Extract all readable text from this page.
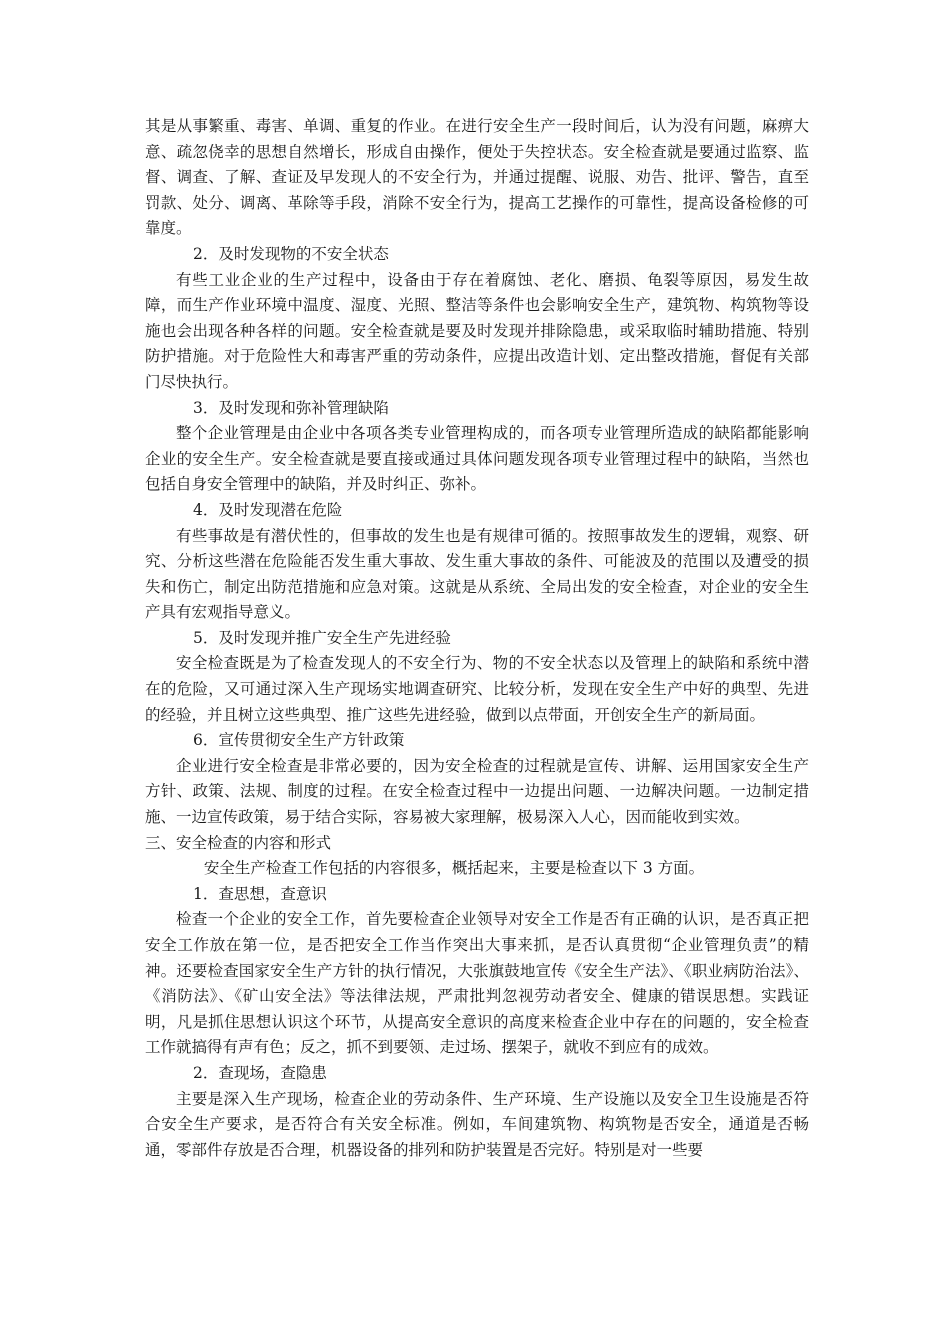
其是从事繁重、毒害、单调、重复的作业。在进行安全生产一段时间后，认为没有问题，麻痹大意、疏忽侥幸的思想自然增长，形成自由操作，便处于失控状态。安全检查就是要通过监察、监督、调查、了解、查证及早发现人的不安全行为，并通过提醒、说服、劝告、批评、警告，直至罚款、处分、调离、革除等手段，消除不安全行为，提高工艺操作的可靠性，提高设备检修的可靠度。

2．及时发现物的不安全状态

有些工业企业的生产过程中，设备由于存在着腐蚀、老化、磨损、龟裂等原因，易发生故障，而生产作业环境中温度、湿度、光照、整洁等条件也会影响安全生产，建筑物、构筑物等设施也会出现各种各样的问题。安全检查就是要及时发现并排除隐患，或采取临时辅助措施、特别防护措施。对于危险性大和毒害严重的劳动条件，应提出改造计划、定出整改措施，督促有关部门尽快执行。

3．及时发现和弥补管理缺陷

整个企业管理是由企业中各项各类专业管理构成的，而各项专业管理所造成的缺陷都能影响企业的安全生产。安全检查就是要直接或通过具体问题发现各项专业管理过程中的缺陷，当然也包括自身安全管理中的缺陷，并及时纠正、弥补。

4．及时发现潜在危险

有些事故是有潜伏性的，但事故的发生也是有规律可循的。按照事故发生的逻辑，观察、研究、分析这些潜在危险能否发生重大事故、发生重大事故的条件、可能波及的范围以及遭受的损失和伤亡，制定出防范措施和应急对策。这就是从系统、全局出发的安全检查，对企业的安全生产具有宏观指导意义。

5．及时发现并推广安全生产先进经验

安全检查既是为了检查发现人的不安全行为、物的不安全状态以及管理上的缺陷和系统中潜在的危险，又可通过深入生产现场实地调查研究、比较分析，发现在安全生产中好的典型、先进的经验，并且树立这些典型、推广这些先进经验，做到以点带面，开创安全生产的新局面。

6．宣传贯彻安全生产方针政策

企业进行安全检查是非常必要的，因为安全检查的过程就是宣传、讲解、运用国家安全生产方针、政策、法规、制度的过程。在安全检查过程中一边提出问题、一边解决问题。一边制定措施、一边宣传政策，易于结合实际，容易被大家理解，极易深入人心，因而能收到实效。

三、安全检查的内容和形式

安全生产检查工作包括的内容很多，概括起来，主要是检查以下 3 方面。

1．查思想，查意识

检查一个企业的安全工作，首先要检查企业领导对安全工作是否有正确的认识，是否真正把安全工作放在第一位，是否把安全工作当作突出大事来抓，是否认真贯彻“企业管理负责”的精神。还要检查国家安全生产方针的执行情况，大张旗鼓地宣传《安全生产法》、《职业病防治法》、《消防法》、《矿山安全法》等法律法规，严肃批判忽视劳动者安全、健康的错误思想。实践证明，凡是抓住思想认识这个环节，从提高安全意识的高度来检查企业中存在的问题的，安全检查工作就搞得有声有色；反之，抓不到要领、走过场、摆架子，就收不到应有的成效。

2．查现场，查隐患

主要是深入生产现场，检查企业的劳动条件、生产环境、生产设施以及安全卫生设施是否符合安全生产要求，是否符合有关安全标准。例如，车间建筑物、构筑物是否安全，通道是否畅通，零部件存放是否合理，机器设备的排列和防护装置是否完好。特别是对一些要
